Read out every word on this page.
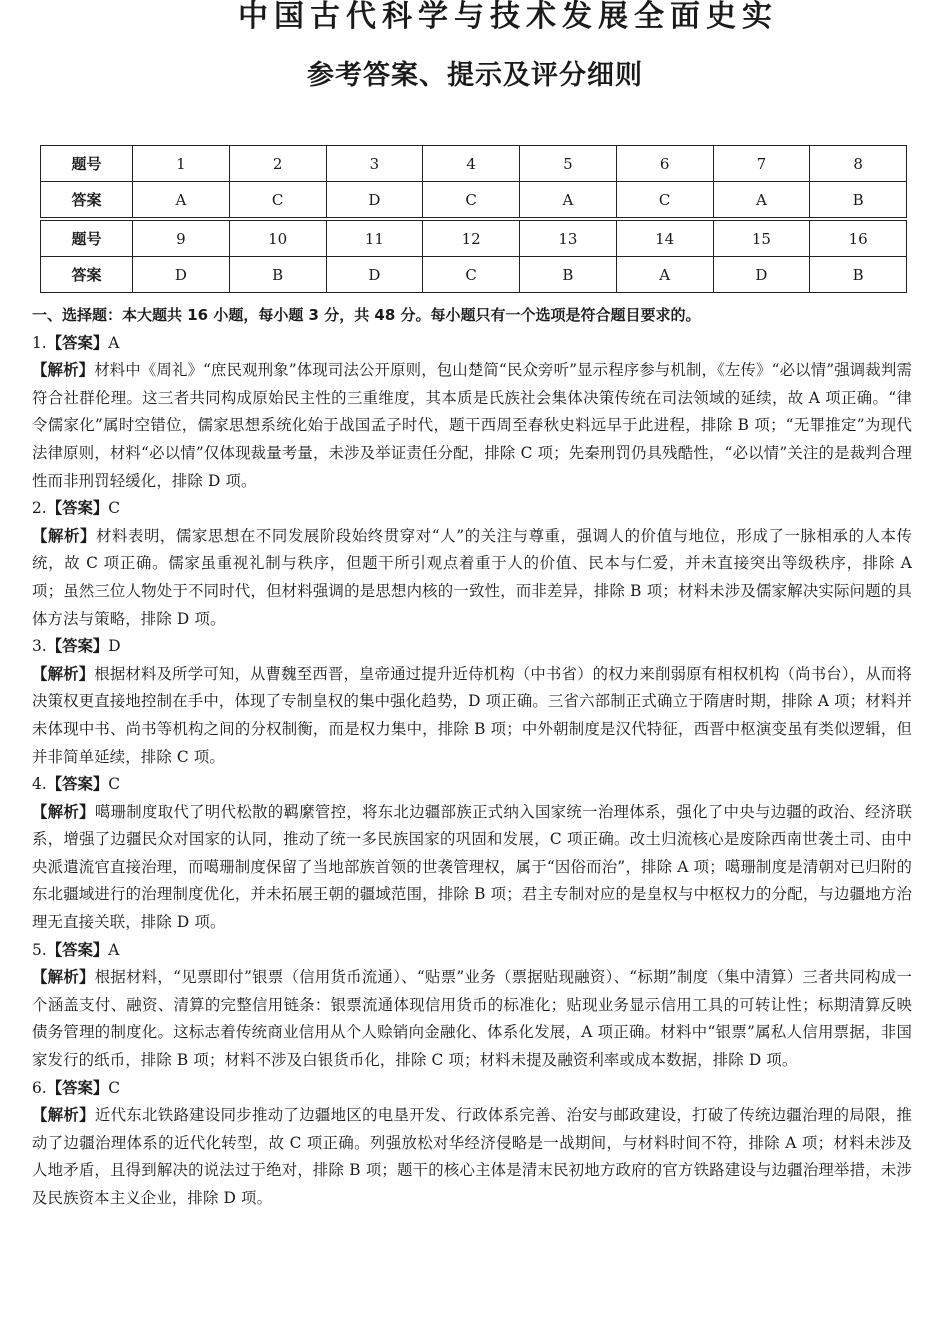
中国古代科学与技术发展全面史实
参考答案、提示及评分细则
题号	1	2	3	4	5	6	7	8
答案	A	C	D	C	A	C	A	B
题号	9	10	11	12	13	14	15	16
答案	D	B	D	C	B	A	D	B

一、选择题：本大题共 16 小题，每小题 3 分，共 48 分。每小题只有一个选项是符合题目要求的。

1.【答案】A

【解析】材料中《周礼》“庶民观刑象”体现司法公开原则，包山楚简“民众旁听”显示程序参与机制，《左传》“必以情”强调裁判需符合社群伦理。这三者共同构成原始民主性的三重维度，其本质是氏族社会集体决策传统在司法领域的延续，故 A 项正确。“律令儒家化”属时空错位，儒家思想系统化始于战国孟子时代，题干西周至春秋史料远早于此进程，排除 B 项；“无罪推定”为现代法律原则，材料“必以情”仅体现裁量考量，未涉及举证责任分配，排除 C 项；先秦刑罚仍具残酷性，“必以情”关注的是裁判合理性而非刑罚轻缓化，排除 D 项。

2.【答案】C

【解析】材料表明，儒家思想在不同发展阶段始终贯穿对“人”的关注与尊重，强调人的价值与地位，形成了一脉相承的人本传统，故 C 项正确。儒家虽重视礼制与秩序，但题干所引观点着重于人的价值、民本与仁爱，并未直接突出等级秩序，排除 A 项；虽然三位人物处于不同时代，但材料强调的是思想内核的一致性，而非差异，排除 B 项；材料未涉及儒家解决实际问题的具体方法与策略，排除 D 项。

3.【答案】D

【解析】根据材料及所学可知，从曹魏至西晋，皇帝通过提升近侍机构（中书省）的权力来削弱原有相权机构（尚书台），从而将决策权更直接地控制在手中，体现了专制皇权的集中强化趋势，D 项正确。三省六部制正式确立于隋唐时期，排除 A 项；材料并未体现中书、尚书等机构之间的分权制衡，而是权力集中，排除 B 项；中外朝制度是汉代特征，西晋中枢演变虽有类似逻辑，但并非简单延续，排除 C 项。

4.【答案】C

【解析】噶珊制度取代了明代松散的羁縻管控，将东北边疆部族正式纳入国家统一治理体系，强化了中央与边疆的政治、经济联系，增强了边疆民众对国家的认同，推动了统一多民族国家的巩固和发展，C 项正确。改土归流核心是废除西南世袭土司、由中央派遣流官直接治理，而噶珊制度保留了当地部族首领的世袭管理权，属于“因俗而治”，排除 A 项；噶珊制度是清朝对已归附的东北疆域进行的治理制度优化，并未拓展王朝的疆域范围，排除 B 项；君主专制对应的是皇权与中枢权力的分配，与边疆地方治理无直接关联，排除 D 项。

5.【答案】A

【解析】根据材料，“见票即付”银票（信用货币流通）、“贴票”业务（票据贴现融资）、“标期”制度（集中清算）三者共同构成一个涵盖支付、融资、清算的完整信用链条：银票流通体现信用货币的标准化；贴现业务显示信用工具的可转让性；标期清算反映债务管理的制度化。这标志着传统商业信用从个人赊销向金融化、体系化发展，A 项正确。材料中“银票”属私人信用票据，非国家发行的纸币，排除 B 项；材料不涉及白银货币化，排除 C 项；材料未提及融资利率或成本数据，排除 D 项。

6.【答案】C

【解析】近代东北铁路建设同步推动了边疆地区的电垦开发、行政体系完善、治安与邮政建设，打破了传统边疆治理的局限，推动了边疆治理体系的近代化转型，故 C 项正确。列强放松对华经济侵略是一战期间，与材料时间不符，排除 A 项；材料未涉及人地矛盾，且得到解决的说法过于绝对，排除 B 项；题干的核心主体是清末民初地方政府的官方铁路建设与边疆治理举措，未涉及民族资本主义企业，排除 D 项。
